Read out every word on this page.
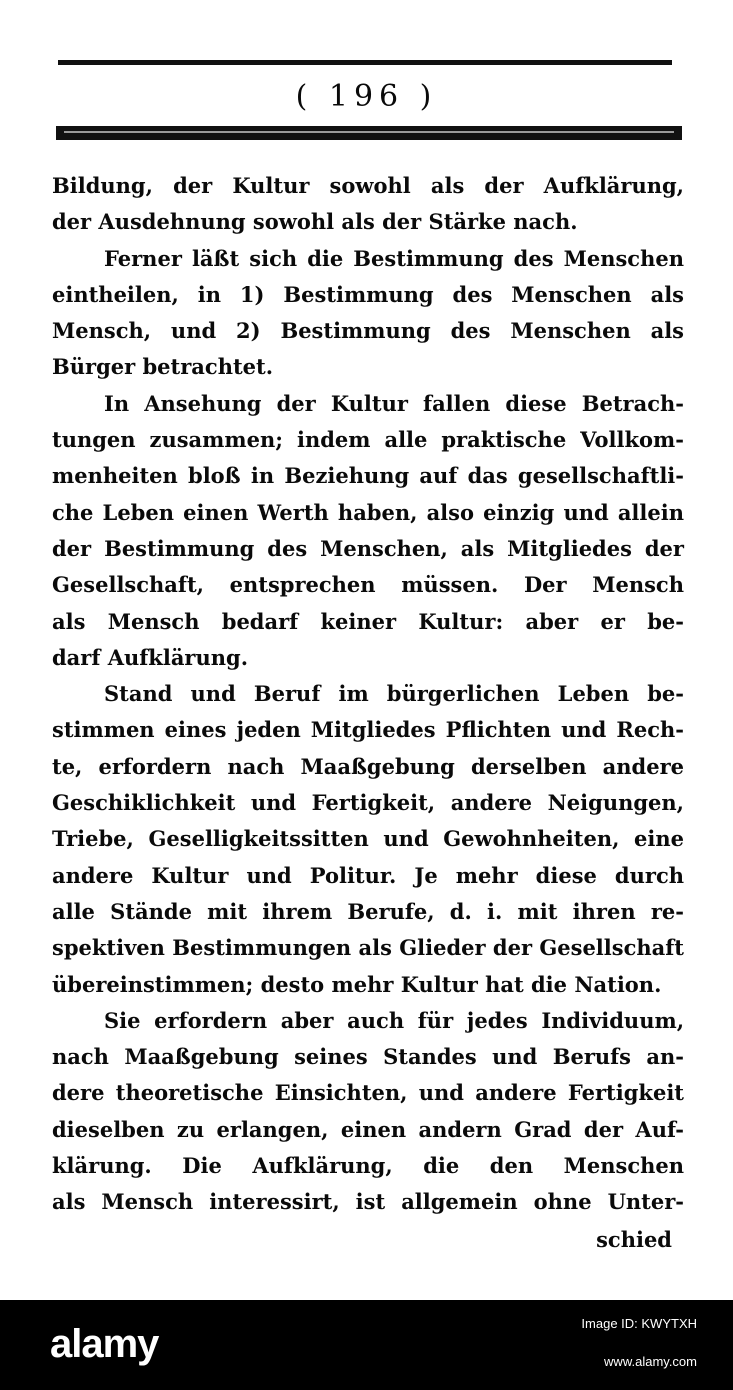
( 196 )
Bildung, der Kultur sowohl als der Aufklärung,
der Ausdehnung sowohl als der Stärke nach.
Ferner läßt sich die Bestimmung des Menschen
eintheilen, in 1) Bestimmung des Menschen als
Mensch, und 2) Bestimmung des Menschen als
Bürger betrachtet.
In Ansehung der Kultur fallen diese Betrach-
tungen zusammen; indem alle praktische Vollkom-
menheiten bloß in Beziehung auf das gesellschaftli-
che Leben einen Werth haben, also einzig und allein
der Bestimmung des Menschen, als Mitgliedes der
Gesellschaft, entsprechen müssen. Der Mensch
als Mensch bedarf keiner Kultur: aber er be-
darf Aufklärung.
Stand und Beruf im bürgerlichen Leben be-
stimmen eines jeden Mitgliedes Pflichten und Rech-
te, erfordern nach Maaßgebung derselben andere
Geschiklichkeit und Fertigkeit, andere Neigungen,
Triebe, Geselligkeitssitten und Gewohnheiten, eine
andere Kultur und Politur. Je mehr diese durch
alle Stände mit ihrem Berufe, d. i. mit ihren re-
spektiven Bestimmungen als Glieder der Gesellschaft
übereinstimmen; desto mehr Kultur hat die Nation.
Sie erfordern aber auch für jedes Individuum,
nach Maaßgebung seines Standes und Berufs an-
dere theoretische Einsichten, und andere Fertigkeit
dieselben zu erlangen, einen andern Grad der Auf-
klärung. Die Aufklärung, die den Menschen
als Mensch interessirt, ist allgemein ohne Unter-
schied
alamy	Image ID: KWYTXH
www.alamy.com
